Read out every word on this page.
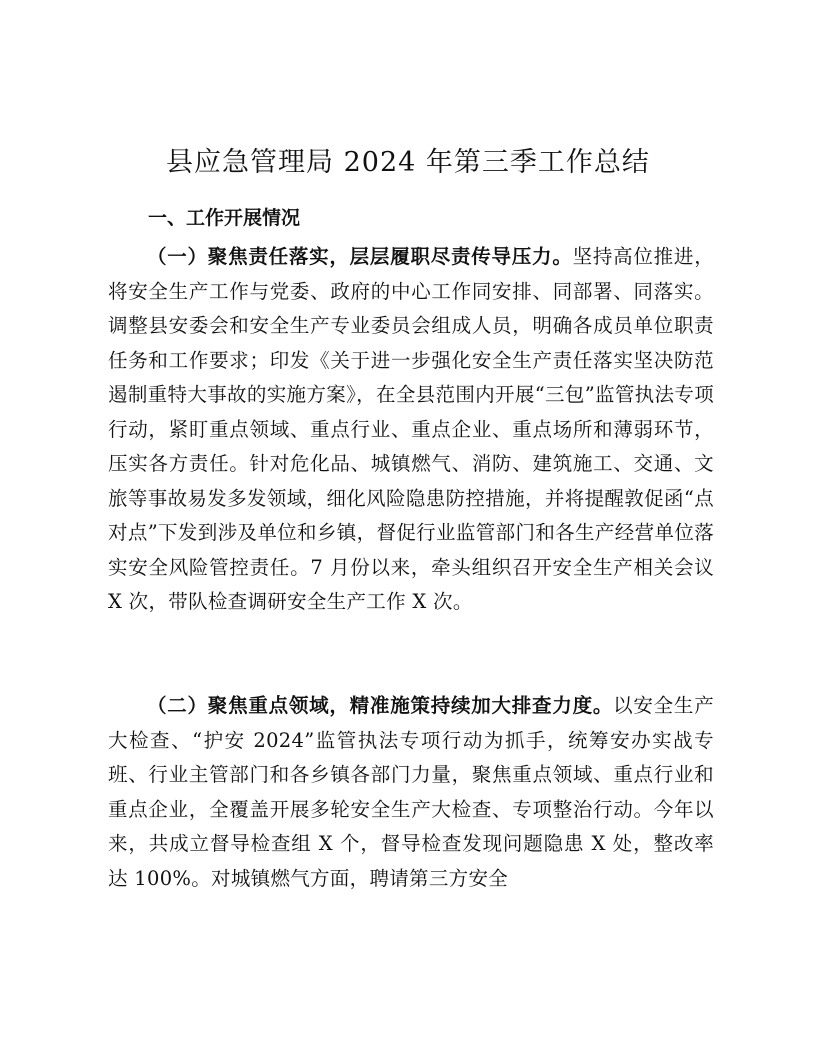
县应急管理局 2024 年第三季工作总结
一、工作开展情况

（一）聚焦责任落实，层层履职尽责传导压力。坚持高位推进，将安全生产工作与党委、政府的中心工作同安排、同部署、同落实。调整县安委会和安全生产专业委员会组成人员，明确各成员单位职责任务和工作要求；印发《关于进一步强化安全生产责任落实坚决防范遏制重特大事故的实施方案》，在全县范围内开展“三包”监管执法专项行动，紧盯重点领域、重点行业、重点企业、重点场所和薄弱环节，压实各方责任。针对危化品、城镇燃气、消防、建筑施工、交通、文旅等事故易发多发领域，细化风险隐患防控措施，并将提醒敦促函“点对点”下发到涉及单位和乡镇，督促行业监管部门和各生产经营单位落实安全风险管控责任。7 月份以来，牵头组织召开安全生产相关会议 X 次，带队检查调研安全生产工作 X 次。

（二）聚焦重点领域，精准施策持续加大排查力度。以安全生产大检查、“护安 2024”监管执法专项行动为抓手，统筹安办实战专班、行业主管部门和各乡镇各部门力量，聚焦重点领域、重点行业和重点企业，全覆盖开展多轮安全生产大检查、专项整治行动。今年以来，共成立督导检查组 X 个，督导检查发现问题隐患 X 处，整改率达 100%。对城镇燃气方面，聘请第三方安全
